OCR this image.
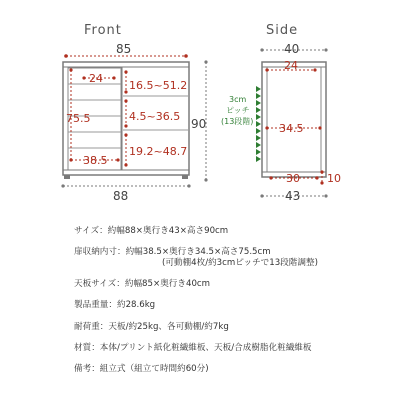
Front	Side
85
24
75.5
38.5
16.5~51.2
4.5~36.5
19.2~48.7
90
88
40
24
34.5
30 10
43
3cm
ピッチ
(13段階)
サイズ：約幅88×奥行き43×高さ90cm
扉収納内寸：約幅38.5×奥行き34.5×高さ75.5cm
(可動棚4枚/約3cmピッチで13段階調整)
天板サイズ：約幅85×奥行き40cm
製品重量：約28.6kg
耐荷重：天板/約25kg、各可動棚/約7kg
材質：本体/プリント紙化粧繊維板、天板/合成樹脂化粧繊維板
備考：組立式（組立て時間約60分)
